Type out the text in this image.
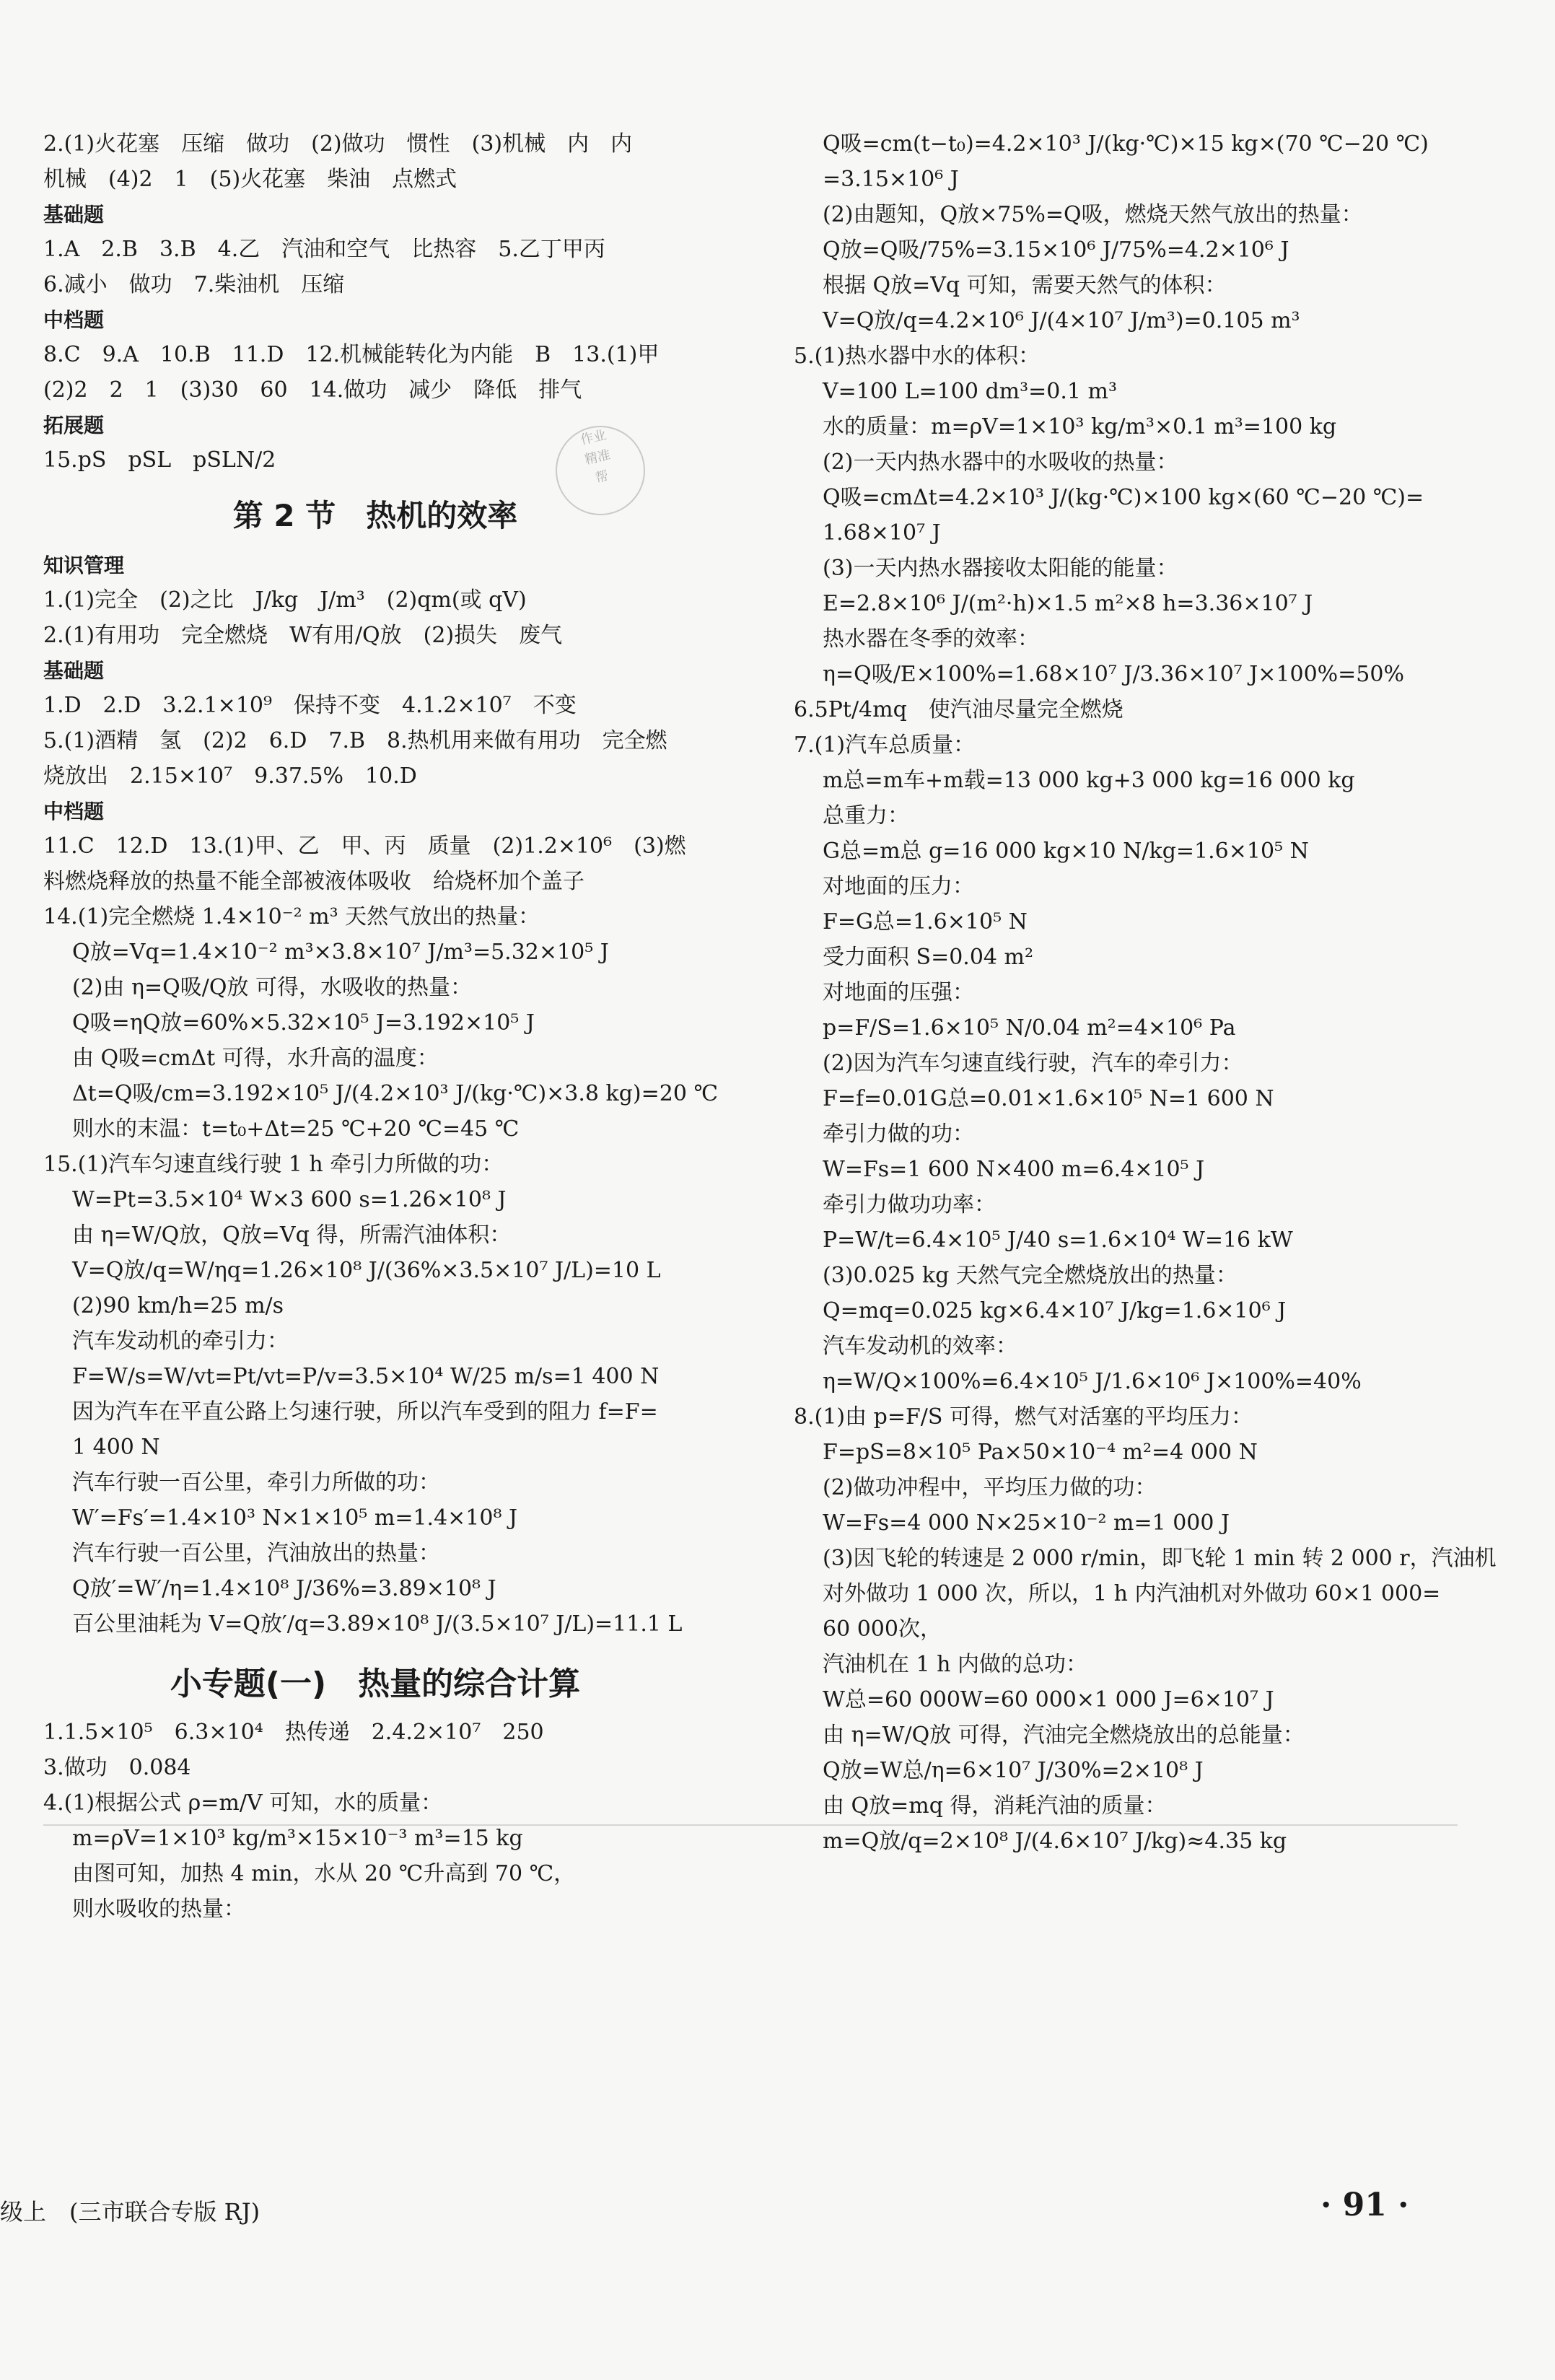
2.(1)火花塞　压缩　做功　(2)做功　惯性　(3)机械　内　内
机械　(4)2　1　(5)火花塞　柴油　点燃式
基础题
1.A　2.B　3.B　4.乙　汽油和空气　比热容　5.乙丁甲丙
6.减小　做功　7.柴油机　压缩
中档题
8.C　9.A　10.B　11.D　12.机械能转化为内能　B　13.(1)甲
(2)2　2　1　(3)30　60　14.做功　减少　降低　排气
拓展题
15.pS　pSL　pSLN/2
第 2 节　热机的效率
知识管理
1.(1)完全　(2)之比　J/kg　J/m³　(2)qm(或 qV)
2.(1)有用功　完全燃烧　W有用/Q放　(2)损失　废气
基础题
1.D　2.D　3.2.1×10⁹　保持不变　4.1.2×10⁷　不变
5.(1)酒精　氢　(2)2　6.D　7.B　8.热机用来做有用功　完全燃
烧放出　2.15×10⁷　9.37.5%　10.D
中档题
11.C　12.D　13.(1)甲、乙　甲、丙　质量　(2)1.2×10⁶　(3)燃
料燃烧释放的热量不能全部被液体吸收　给烧杯加个盖子
14.(1)完全燃烧 1.4×10⁻² m³ 天然气放出的热量：
Q放=Vq=1.4×10⁻² m³×3.8×10⁷ J/m³=5.32×10⁵ J
(2)由 η=Q吸/Q放 可得，水吸收的热量：
Q吸=ηQ放=60%×5.32×10⁵ J=3.192×10⁵ J
由 Q吸=cmΔt 可得，水升高的温度：
Δt=Q吸/cm=3.192×10⁵ J/(4.2×10³ J/(kg·℃)×3.8 kg)=20 ℃
则水的末温：t=t₀+Δt=25 ℃+20 ℃=45 ℃
15.(1)汽车匀速直线行驶 1 h 牵引力所做的功：
W=Pt=3.5×10⁴ W×3 600 s=1.26×10⁸ J
由 η=W/Q放，Q放=Vq 得，所需汽油体积：
V=Q放/q=W/ηq=1.26×10⁸ J/(36%×3.5×10⁷ J/L)=10 L
(2)90 km/h=25 m/s
汽车发动机的牵引力：
F=W/s=W/vt=Pt/vt=P/v=3.5×10⁴ W/25 m/s=1 400 N
因为汽车在平直公路上匀速行驶，所以汽车受到的阻力 f=F=
1 400 N
汽车行驶一百公里，牵引力所做的功：
W′=Fs′=1.4×10³ N×1×10⁵ m=1.4×10⁸ J
汽车行驶一百公里，汽油放出的热量：
Q放′=W′/η=1.4×10⁸ J/36%=3.89×10⁸ J
百公里油耗为 V=Q放′/q=3.89×10⁸ J/(3.5×10⁷ J/L)=11.1 L
小专题(一)　热量的综合计算
1.1.5×10⁵　6.3×10⁴　热传递　2.4.2×10⁷　250
3.做功　0.084
4.(1)根据公式 ρ=m/V 可知，水的质量：
m=ρV=1×10³ kg/m³×15×10⁻³ m³=15 kg
由图可知，加热 4 min，水从 20 ℃升高到 70 ℃，
则水吸收的热量：
Q吸=cm(t−t₀)=4.2×10³ J/(kg·℃)×15 kg×(70 ℃−20 ℃)
=3.15×10⁶ J
(2)由题知，Q放×75%=Q吸，燃烧天然气放出的热量：
Q放=Q吸/75%=3.15×10⁶ J/75%=4.2×10⁶ J
根据 Q放=Vq 可知，需要天然气的体积：
V=Q放/q=4.2×10⁶ J/(4×10⁷ J/m³)=0.105 m³
5.(1)热水器中水的体积：
V=100 L=100 dm³=0.1 m³
水的质量：m=ρV=1×10³ kg/m³×0.1 m³=100 kg
(2)一天内热水器中的水吸收的热量：
Q吸=cmΔt=4.2×10³ J/(kg·℃)×100 kg×(60 ℃−20 ℃)=
1.68×10⁷ J
(3)一天内热水器接收太阳能的能量：
E=2.8×10⁶ J/(m²·h)×1.5 m²×8 h=3.36×10⁷ J
热水器在冬季的效率：
η=Q吸/E×100%=1.68×10⁷ J/3.36×10⁷ J×100%=50%
6.5Pt/4mq　使汽油尽量完全燃烧
7.(1)汽车总质量：
m总=m车+m载=13 000 kg+3 000 kg=16 000 kg
总重力：
G总=m总 g=16 000 kg×10 N/kg=1.6×10⁵ N
对地面的压力：
F=G总=1.6×10⁵ N
受力面积 S=0.04 m²
对地面的压强：
p=F/S=1.6×10⁵ N/0.04 m²=4×10⁶ Pa
(2)因为汽车匀速直线行驶，汽车的牵引力：
F=f=0.01G总=0.01×1.6×10⁵ N=1 600 N
牵引力做的功：
W=Fs=1 600 N×400 m=6.4×10⁵ J
牵引力做功功率：
P=W/t=6.4×10⁵ J/40 s=1.6×10⁴ W=16 kW
(3)0.025 kg 天然气完全燃烧放出的热量：
Q=mq=0.025 kg×6.4×10⁷ J/kg=1.6×10⁶ J
汽车发动机的效率：
η=W/Q×100%=6.4×10⁵ J/1.6×10⁶ J×100%=40%
8.(1)由 p=F/S 可得，燃气对活塞的平均压力：
F=pS=8×10⁵ Pa×50×10⁻⁴ m²=4 000 N
(2)做功冲程中，平均压力做的功：
W=Fs=4 000 N×25×10⁻² m=1 000 J
(3)因飞轮的转速是 2 000 r/min，即飞轮 1 min 转 2 000 r，汽油机
对外做功 1 000 次，所以，1 h 内汽油机对外做功 60×1 000=
60 000次，
汽油机在 1 h 内做的总功：
W总=60 000W=60 000×1 000 J=6×10⁷ J
由 η=W/Q放 可得，汽油完全燃烧放出的总能量：
Q放=W总/η=6×10⁷ J/30%=2×10⁸ J
由 Q放=mq 得，消耗汽油的质量：
m=Q放/q=2×10⁸ J/(4.6×10⁷ J/kg)≈4.35 kg
作业
精准
帮
级上　(三市联合专版 RJ)	· 91 ·
